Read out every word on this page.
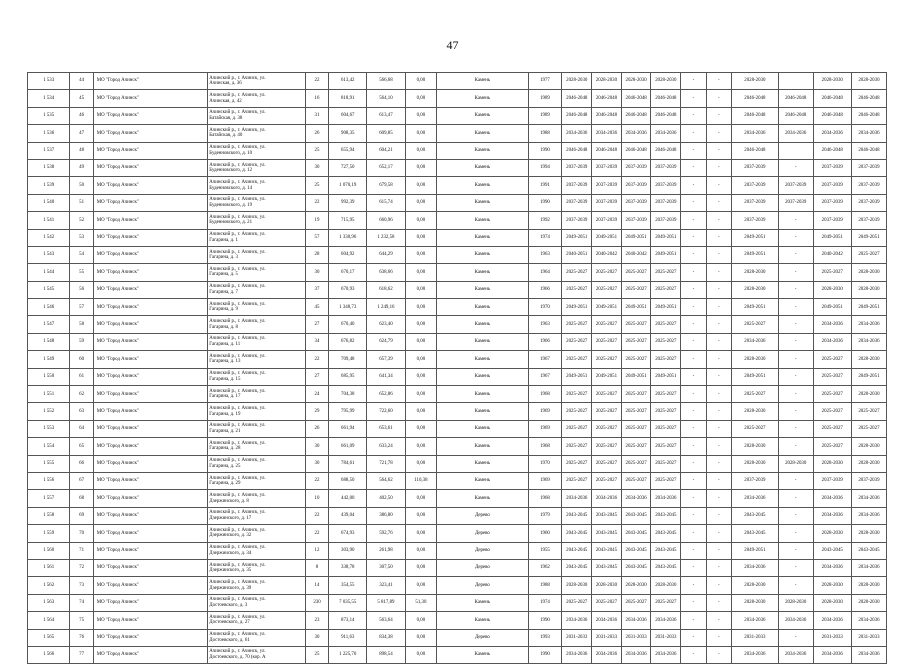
47
1 533	44	МО "Город Ачинск"	Ачинский р., г. Ачинск, ул.
Ачинская, д. 36	22	613,42	566,68	0,00	Камень	1977	2028-2030	2028-2030	2028-2030	2028-2030	-	-	2028-2030		2028-2030	2028-2030
1 534	45	МО "Город Ачинск"	Ачинский р., г. Ачинск, ул.
Ачинская, д. 42	16	818,91	564,10	0,00	Камень	1989	2046-2048	2046-2048	2046-2048	2046-2048	-	-	2046-2048	2046-2048	2046-2048	2046-2048
1 535	46	МО "Город Ачинск"	Ачинский р., г. Ачинск, ул.
Батайская, д. 38	31	604,67	613,47	0,00	Камень	1989	2046-2048	2046-2048	2046-2048	2046-2048	-	-	2046-2048	2046-2048	2046-2048	2046-2048
1 536	47	МО "Город Ачинск"	Ачинский р., г. Ачинск, ул.
Батайская, д. 40	26	908,35	609,85	0,00	Камень	1988	2034-2036	2034-2036	2034-2036	2034-2036	-	-	2034-2036	2034-2036	2034-2036	2034-2036
1 537	48	МО "Город Ачинск"	Ачинский р., г. Ачинск, ул.
Буденновского, д. 10	25	655,94	604,21	0,00	Камень	1990	2046-2048	2046-2048	2046-2048	2046-2048	-	-	2046-2048		2046-2048	2046-2048
1 538	49	МО "Город Ачинск"	Ачинский р., г. Ачинск, ул.
Буденновского, д. 12	30	727,50	652,17	0,00	Камень	1994	2037-2039	2037-2039	2037-2039	2037-2039	-	-	2037-2039	-	2037-2039	2037-2039
1 539	50	МО "Город Ачинск"	Ачинский р., г. Ачинск, ул.
Буденновского, д. 14	25	1 070,19	679,58	0,00	Камень	1991	2037-2039	2037-2039	2037-2039	2037-2039	-	-	2037-2039	2037-2039	2037-2039	2037-2039
1 540	51	МО "Город Ачинск"	Ачинский р., г. Ачинск, ул.
Буденновского, д. 19	22	992,39	615,74	0,00	Камень	1990	2037-2039	2037-2039	2037-2039	2037-2039	-	-	2037-2039	2037-2039	2037-2039	2037-2039
1 541	52	МО "Город Ачинск"	Ачинский р., г. Ачинск, ул.
Буденновского, д. 21	19	715,95	660,96	0,00	Камень	1992	2037-2039	2037-2039	2037-2039	2037-2039	-	-	2037-2039	-	2037-2039	2037-2039
1 542	53	МО "Город Ачинск"	Ачинский р., г. Ачинск, ул.
Гагарина, д. 1	57	1 330,96	1 232,58	0,00	Камень	1974	2049-2051	2049-2051	2049-2051	2049-2051	-	-	2049-2051	-	2049-2051	2049-2051
1 543	54	МО "Город Ачинск"	Ачинский р., г. Ачинск, ул.
Гагарина, д. 3	28	604,92	644,29	0,00	Камень	1963	2040-2051	2040-2042	2040-2042	2049-2051	-	-	2049-2051	-	2040-2042	2025-2027
1 544	55	МО "Город Ачинск"	Ачинский р., г. Ачинск, ул.
Гагарина, д. 5	30	670,17	638,66	0,00	Камень	1964	2025-2027	2025-2027	2025-2027	2025-2027	-	-	2028-2030	-	2025-2027	2028-2030
1 545	56	МО "Город Ачинск"	Ачинский р., г. Ачинск, ул.
Гагарина, д. 7	37	670,93	618,62	0,00	Камень	1966	2025-2027	2025-2027	2025-2027	2025-2027	-	-	2028-2030	-	2028-2030	2028-2030
1 546	57	МО "Город Ачинск"	Ачинский р., г. Ачинск, ул.
Гагарина, д. 9	45	1 348,73	1 249,16	0,00	Камень	1970	2049-2051	2049-2051	2049-2051	2049-2051	-	-	2049-2051	-	2049-2051	2049-2051
1 547	58	МО "Город Ачинск"	Ачинский р., г. Ачинск, ул.
Гагарина, д. 8	27	670,40	623,40	0,00	Камень	1963	2025-2027	2025-2027	2025-2027	2025-2027	-	-	2025-2027	-	2034-2036	2034-2036
1 548	59	МО "Город Ачинск"	Ачинский р., г. Ачинск, ул.
Гагарина, д. 11	34	676,82	624,79	0,00	Камень	1966	2025-2027	2025-2027	2025-2027	2025-2027	-	-	2034-2036	-	2034-2036	2034-2036
1 549	60	МО "Город Ачинск"	Ачинский р., г. Ачинск, ул.
Гагарина, д. 13	22	709,48	657,39	0,00	Камень	1967	2025-2027	2025-2027	2025-2027	2025-2027	-	-	2028-2030	-	2025-2027	2028-2030
1 550	61	МО "Город Ачинск"	Ачинский р., г. Ачинск, ул.
Гагарина, д. 15	27	685,95	641,34	0,00	Камень	1967	2049-2051	2049-2051	2049-2051	2049-2051	-	-	2049-2051	-	2025-2027	2049-2051
1 551	62	МО "Город Ачинск"	Ачинский р., г. Ачинск, ул.
Гагарина, д. 17	24	704,38	652,86	0,00	Камень	1968	2025-2027	2025-2027	2025-2027	2025-2027	-	-	2025-2027	-	2025-2027	2028-2030
1 552	63	МО "Город Ачинск"	Ачинский р., г. Ачинск, ул.
Гагарина, д. 19	29	795,99	722,60	0,00	Камень	1969	2025-2027	2025-2027	2025-2027	2025-2027	-	-	2028-2030	-	2025-2027	2025-2027
1 553	64	МО "Город Ачинск"	Ачинский р., г. Ачинск, ул.
Гагарина, д. 21	26	661,94	653,61	0,00	Камень	1969	2025-2027	2025-2027	2025-2027	2025-2027	-	-	2025-2027	-	2025-2027	2025-2027
1 554	65	МО "Город Ачинск"	Ачинский р., г. Ачинск, ул.
Гагарина, д. 28	30	661,09	633,24	0,00	Камень	1968	2025-2027	2025-2027	2025-2027	2025-2027	-	-	2028-2030	-	2025-2027	2028-2030
1 555	66	МО "Город Ачинск"	Ачинский р., г. Ачинск, ул.
Гагарина, д. 25	30	784,61	721,78	0,00	Камень	1970	2025-2027	2025-2027	2025-2027	2025-2027	-	-	2028-2030	2028-2030	2028-2030	2028-2030
1 556	67	МО "Город Ачинск"	Ачинский р., г. Ачинск, ул.
Гагарина, д. 29	22	688,50	564,62	110,38	Камень	1969	2025-2027	2025-2027	2025-2027	2025-2027	-	-	2037-2039	-	2037-2039	2037-2039
1 557	68	МО "Город Ачинск"	Ачинский р., г. Ачинск, ул.
Дзержинского, д. 8	10	442,00	402,50	0,00	Камень	1968	2034-2036	2034-2036	2034-2036	2034-2036	-	-	2034-2036	-	2034-2036	2034-2036
1 558	69	МО "Город Ачинск"	Ачинский р., г. Ачинск, ул.
Дзержинского, д. 17	22	439,04	386,80	0,00	Дерево	1979	2043-2045	2043-2045	2043-2045	2043-2045	-	-	2043-2045	-	2034-2036	2034-2036
1 559	70	МО "Город Ачинск"	Ачинский р., г. Ачинск, ул.
Дзержинского, д. 32	22	674,93	592,76	0,00	Дерево	1960	2043-2045	2043-2045	2043-2045	2043-2045	-	-	2043-2045	-	2028-2030	2028-2030
1 560	71	МО "Город Ачинск"	Ачинский р., г. Ачинск, ул.
Дзержинского, д. 34	12	303,90	261,98	0,00	Дерево	1955	2043-2045	2043-2045	2043-2045	2043-2045	-	-	2049-2051	-	2043-2045	2043-2045
1 561	72	МО "Город Ачинск"	Ачинский р., г. Ачинск, ул.
Дзержинского, д. 35	8	338,78	307,50	0,00	Дерево	1962	2043-2045	2043-2045	2043-2045	2043-2045	-	-	2034-2036	-	2034-2036	2034-2036
1 562	73	МО "Город Ачинск"	Ачинский р., г. Ачинск, ул.
Дзержинского, д. 39	14	354,55	323,41	0,00	Дерево	1988	2028-2030	2028-2030	2028-2030	2028-2030	-	-	2028-2030	-	2028-2030	2028-2030
1 563	74	МО "Город Ачинск"	Ачинский р., г. Ачинск, ул.
Достоевского, д. 3	230	7 035,55	5 817,89	51,30	Камень	1974	2025-2027	2025-2027	2025-2027	2025-2027	-	-	2028-2030	2028-2030	2028-2030	2028-2030
1 564	75	МО "Город Ачинск"	Ачинский р., г. Ачинск, ул.
Достоевского, д. 27	23	873,14	563,64	0,00	Камень	1990	2034-2036	2034-2036	2034-2036	2034-2036	-	-	2034-2036	2034-2036	2034-2036	2034-2036
1 565	76	МО "Город Ачинск"	Ачинский р., г. Ачинск, ул.
Достоевского, д. 61	30	911,63	834,38	0,00	Дерево	1993	2031-2033	2031-2033	2031-2033	2031-2033	-	-	2031-2033	-	2031-2033	2031-2033
1 566	77	МО "Город Ачинск"	Ачинский р., г. Ачинск, ул.
Достоевского, д. 70 (кор. А	25	1 225,70	898,54	0,00	Камень	1990	2034-2036	2034-2036	2034-2036	2034-2036	-	-	2034-2036	2034-2036	2034-2036	2034-2036
